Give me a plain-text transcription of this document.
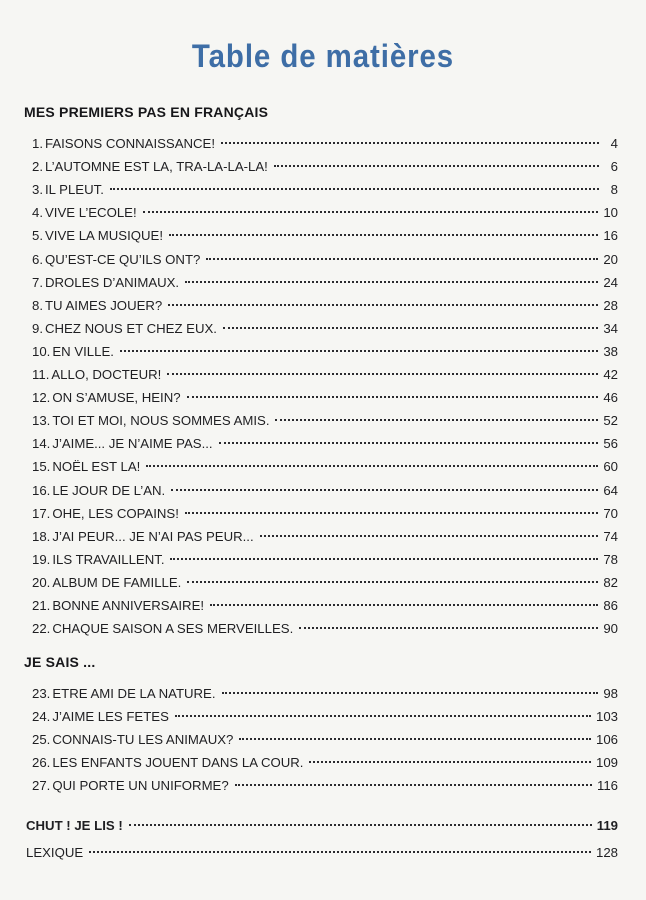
Table de matières
MES PREMIERS PAS EN FRANÇAIS
1. FAISONS CONNAISSANCE!	4
2. L’AUTOMNE EST LA, TRA-LA-LA-LA!	6
3. IL PLEUT.	8
4. VIVE L’ECOLE!	10
5. VIVE LA MUSIQUE!	16
6. QU’EST-CE QU’ILS ONT?	20
7. DROLES D’ANIMAUX.	24
8. TU AIMES JOUER?	28
9. CHEZ NOUS ET CHEZ EUX.	34
10. EN VILLE.	38
11. ALLO, DOCTEUR!	42
12. ON S’AMUSE, HEIN?	46
13. TOI ET MOI, NOUS SOMMES AMIS.	52
14. J’AIME... JE N’AIME PAS...	56
15. NOËL EST LA!	60
16. LE JOUR DE L’AN.	64
17. OHE, LES COPAINS!	70
18. J’AI PEUR... JE N’AI PAS PEUR...	74
19. ILS TRAVAILLENT.	78
20. ALBUM DE FAMILLE.	82
21. BONNE ANNIVERSAIRE!	86
22. CHAQUE SAISON A SES MERVEILLES.	90
JE SAIS ...
23. ETRE AMI DE LA NATURE.	98
24. J’AIME LES FETES	103
25. CONNAIS-TU LES ANIMAUX?	106
26. LES ENFANTS JOUENT DANS LA COUR.	109
27. QUI PORTE UN UNIFORME?	116
CHUT ! JE LIS !	119
LEXIQUE	128
